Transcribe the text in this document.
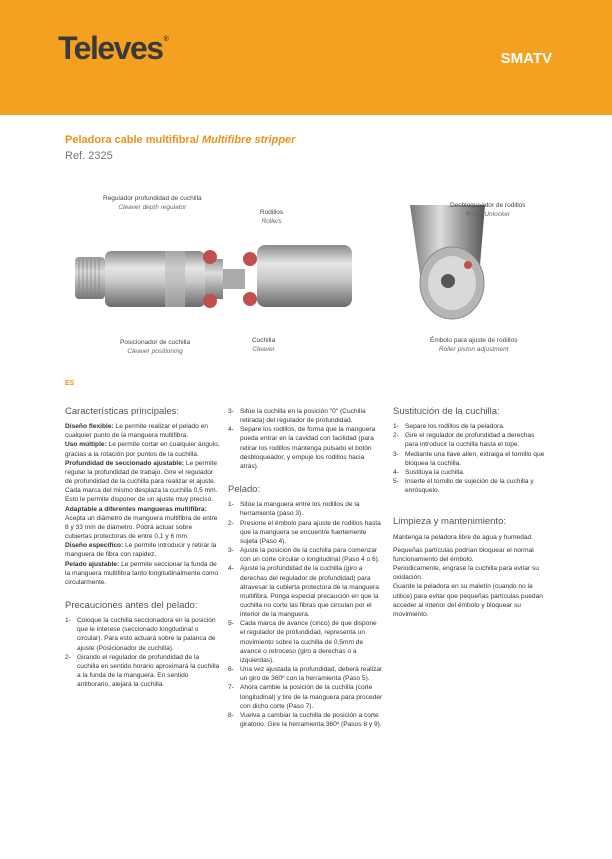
Televes®
SMATV
Peladora cable multifibra/ Multifibre stripper
Ref. 2325
Regulador profundidad de cuchilla
Cleaver depth regulator
Rodillos
Rollers
Desbloqueador de rodillos
Roller Unlocker
Posicionador de cuchilla
Cleaver positioning
Cuchilla
Cleaver
Émbolo para ajuste de rodillos
Roller piston adjustment
ES
Características principales:

Diseño flexible: Le permite realizar el pelado en cualquier punto de la manguera multifibra.

Uso múltiple: Le permite cortar en cualquier ángulo, gracias a la rotación por puntos de la cuchilla.

Profundidad de seccionado ajustable: Le permite regular la profundidad de trabajo. Gire el regulador de profundidad de la cuchilla para realizar el ajuste. Cada marca del mismo desplaza la cuchilla 0,5 mm. Esto le permite disponer de un ajuste muy preciso.

Adaptable a diferentes mangueras multifibra: Acepta un diámetro de manguera multifibra de entre 8 y 33 mm de diámetro. Podrá actuar sobre cubiertas protectoras de entre 0,1 y 6 mm.

Diseño específico: Le permite introducir y retirar la manguera de fibra con rapidez.

Pelado ajustable: Le permite seccionar la funda de la manguera multifibra tanto longitudinalmente como circularmente.

Precauciones antes del pelado:
1- Coloque la cuchilla seccionadora en la posición que le interese (seccionado longitudinal o circular). Para esto actuará sobre la palanca de ajuste (Posicionador de cuchilla).
2- Girando el regulador de profundidad de la cuchilla en sentido horario aproximará la cuchilla a la funda de la manguera. En sentido antihorario, alejará la cuchilla.
3- Sitúe la cuchilla en la posición "0" (Cuchilla retirada) del regulador de profundidad.
4- Separe los rodillos, de forma que la manguera pueda entrar en la cavidad con facilidad (para retirar los rodillos mantenga pulsado el botón desbloqueador, y empuje los rodillos hacia atrás).
Pelado:
1- Sitúe la manguera entre los rodillos de la herramienta (paso 3).
2- Presione el émbolo para ajuste de rodillos hasta que la manguera se encuentre fuertemente sujeta (Paso 4).
3- Ajuste la posición de la cuchilla para comenzar con un corte circular o longitudinal (Paso 4 o 6).
4- Ajuste la profundidad de la cuchilla (giro a derechas del regulador de profundidad) para atravesar la cubierta protectora de la manguera multifibra. Ponga especial precaución en que la cuchilla no corte las fibras que circulan por el interior de la manguera.
5- Cada marca de avance (cinco) de que dispone el regulador de profundidad, representa un movimiento sobre la cuchilla de 0,5mm de avance o retroceso (giro a derechas o a izquierdas).
6- Una vez ajustada la profundidad, deberá realizar un giro de 360º con la herramienta (Paso 5).
7- Ahora cambie la posición de la cuchilla (corte longitudinal) y tire de la manguera para proceder con dicho corte (Paso 7).
8- Vuelva a cambiar la cuchilla de posición a corte giratorio. Gire la herramienta 360º (Pasos 8 y 9).
Sustitución de la cuchilla:
1- Separe los rodillos de la peladora.
2- Gire el regulador de profundidad a derechas para introducir la cuchilla hasta el tope.
3- Mediante una llave allen, extraiga el tornillo que bloquea la cuchilla.
4- Sustituya la cuchilla.
5- Inserte el tornillo de sujeción de la cuchilla y enrósquelo.
Limpieza y mantenimiento:

Mantenga la peladora libre de agua y humedad.

Pequeñas partículas podrían bloquear el normal funcionamiento del émbolo.

Periodicamente, engrase la cuchilla para evitar su oxidación.

Guarde la peladora en su maletín (cuando no la utilice) para evitar que pequeñas partículas puedan acceder al interior del émbolo y bloquear su movimiento.
